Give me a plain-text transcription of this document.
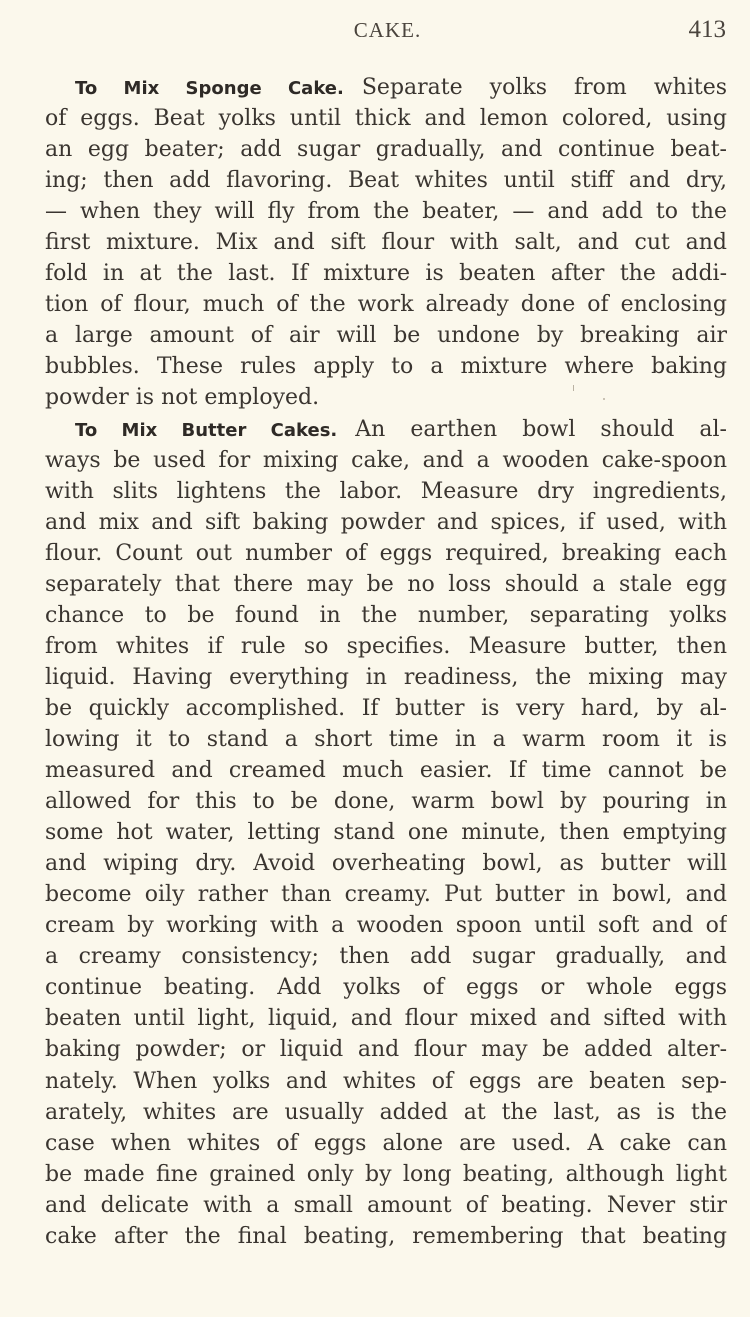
CAKE.	413
To Mix Sponge Cake. Separate yolks from whites
of eggs. Beat yolks until thick and lemon colored, using
an egg beater; add sugar gradually, and continue beat-
ing; then add flavoring. Beat whites until stiff and dry,
— when they will fly from the beater, — and add to the
first mixture. Mix and sift flour with salt, and cut and
fold in at the last. If mixture is beaten after the addi-
tion of flour, much of the work already done of enclosing
a large amount of air will be undone by breaking air
bubbles. These rules apply to a mixture where baking
powder is not employed.
To Mix Butter Cakes. An earthen bowl should al-
ways be used for mixing cake, and a wooden cake-spoon
with slits lightens the labor. Measure dry ingredients,
and mix and sift baking powder and spices, if used, with
flour. Count out number of eggs required, breaking each
separately that there may be no loss should a stale egg
chance to be found in the number, separating yolks
from whites if rule so specifies. Measure butter, then
liquid. Having everything in readiness, the mixing may
be quickly accomplished. If butter is very hard, by al-
lowing it to stand a short time in a warm room it is
measured and creamed much easier. If time cannot be
allowed for this to be done, warm bowl by pouring in
some hot water, letting stand one minute, then emptying
and wiping dry. Avoid overheating bowl, as butter will
become oily rather than creamy. Put butter in bowl, and
cream by working with a wooden spoon until soft and of
a creamy consistency; then add sugar gradually, and
continue beating. Add yolks of eggs or whole eggs
beaten until light, liquid, and flour mixed and sifted with
baking powder; or liquid and flour may be added alter-
nately. When yolks and whites of eggs are beaten sep-
arately, whites are usually added at the last, as is the
case when whites of eggs alone are used. A cake can
be made fine grained only by long beating, although light
and delicate with a small amount of beating. Never stir
cake after the final beating, remembering that beating
